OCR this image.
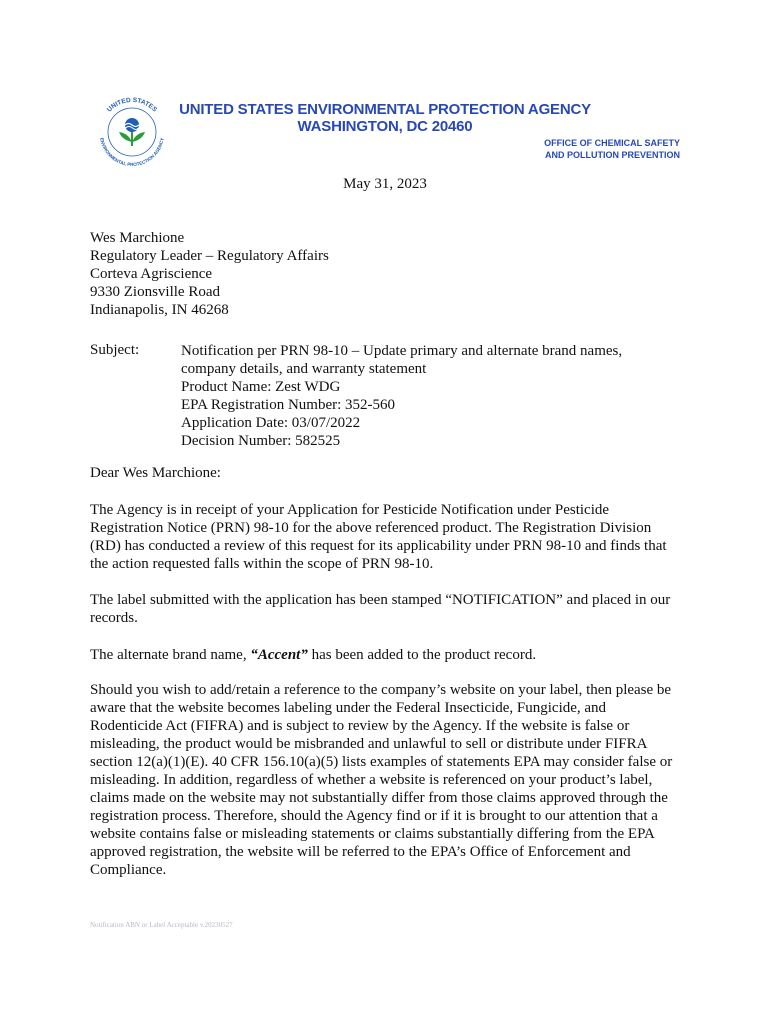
UNITED STATES
ENVIRONMENTAL PROTECTION AGENCY
UNITED STATES ENVIRONMENTAL PROTECTION AGENCY
WASHINGTON, DC 20460
OFFICE OF CHEMICAL SAFETY
AND POLLUTION PREVENTION
May 31, 2023
Wes Marchione
Regulatory Leader – Regulatory Affairs
Corteva Agriscience
9330 Zionsville Road
Indianapolis, IN 46268
Subject:	Notification per PRN 98-10 – Update primary and alternate brand names,
company details, and warranty statement
Product Name: Zest WDG
EPA Registration Number: 352-560
Application Date: 03/07/2022
Decision Number: 582525
Dear Wes Marchione:
The Agency is in receipt of your Application for Pesticide Notification under Pesticide
Registration Notice (PRN) 98-10 for the above referenced product. The Registration Division
(RD) has conducted a review of this request for its applicability under PRN 98-10 and finds that
the action requested falls within the scope of PRN 98-10.
The label submitted with the application has been stamped “NOTIFICATION” and placed in our
records.
The alternate brand name, “Accent” has been added to the product record.
Should you wish to add/retain a reference to the company’s website on your label, then please be
aware that the website becomes labeling under the Federal Insecticide, Fungicide, and
Rodenticide Act (FIFRA) and is subject to review by the Agency. If the website is false or
misleading, the product would be misbranded and unlawful to sell or distribute under FIFRA
section 12(a)(1)(E). 40 CFR 156.10(a)(5) lists examples of statements EPA may consider false or
misleading. In addition, regardless of whether a website is referenced on your product’s label,
claims made on the website may not substantially differ from those claims approved through the
registration process. Therefore, should the Agency find or if it is brought to our attention that a
website contains false or misleading statements or claims substantially differing from the EPA
approved registration, the website will be referred to the EPA’s Office of Enforcement and
Compliance.
Notification ABN or Label Acceptable v.20230527
